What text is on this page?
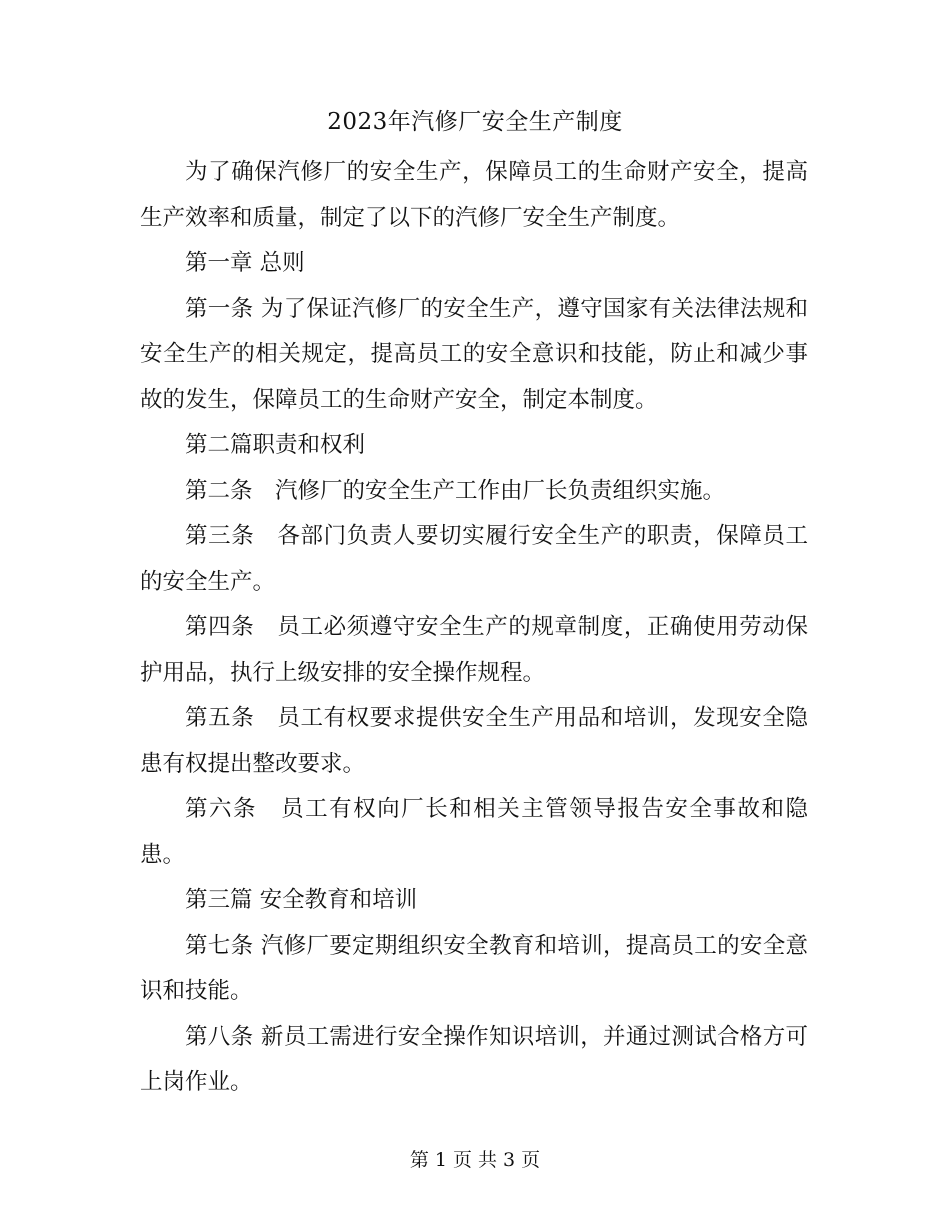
2023年汽修厂安全生产制度

为了确保汽修厂的安全生产，保障员工的生命财产安全，提高生产效率和质量，制定了以下的汽修厂安全生产制度。

第一章 总则

第一条 为了保证汽修厂的安全生产，遵守国家有关法律法规和安全生产的相关规定，提高员工的安全意识和技能，防止和减少事故的发生，保障员工的生命财产安全，制定本制度。

第二篇职责和权利

第二条　汽修厂的安全生产工作由厂长负责组织实施。

第三条　各部门负责人要切实履行安全生产的职责，保障员工的安全生产。

第四条　员工必须遵守安全生产的规章制度，正确使用劳动保护用品，执行上级安排的安全操作规程。

第五条　员工有权要求提供安全生产用品和培训，发现安全隐患有权提出整改要求。

第六条　员工有权向厂长和相关主管领导报告安全事故和隐患。

第三篇 安全教育和培训

第七条 汽修厂要定期组织安全教育和培训，提高员工的安全意识和技能。

第八条 新员工需进行安全操作知识培训，并通过测试合格方可上岗作业。

第 1 页 共 3 页
